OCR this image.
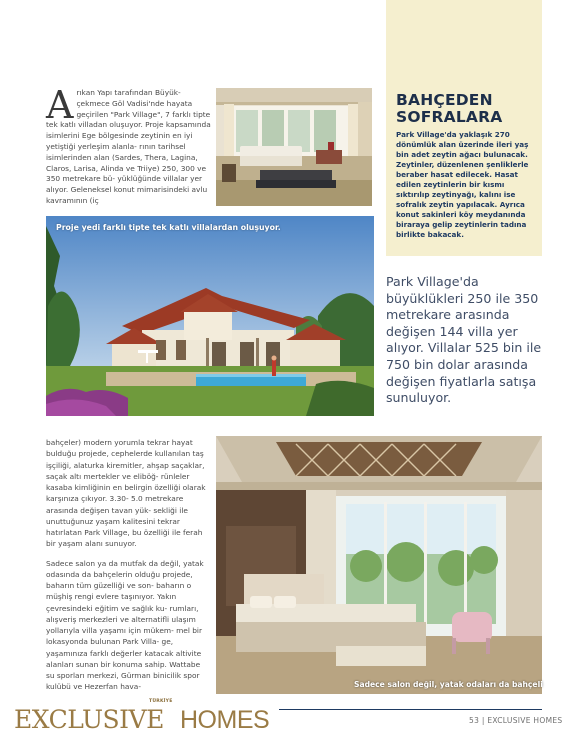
Arıkan Yapı tarafından Büyük- çekmece Göl Vadisi'nde hayata geçirilen "Park Village", 7 farklı tipte tek katlı villadan oluşuyor. Proje kapsamında isimlerini Ege bölgesinde zeytinin en iyi yetiştiği yerleşim alanla- rının tarihsel isimlerinden alan (Sardes, Thera, Lagina, Claros, Larisa, Alinda ve Triiye) 250, 300 ve 350 metrekare bü- yüklüğünde villalar yer alıyor. Geleneksel konut mimarisindeki avlu kavramının (iç
BAHÇEDEN
SOFRALARA
Park Village'da yaklaşık 270 dönümlük alan üzerinde ileri yaş bin adet zeytin ağacı bulunacak. Zeytinler, düzenlenen şenliklerle beraber hasat edilecek. Hasat edilen zeytinlerin bir kısmı sıktırılıp zeytinyağı, kalını ise sofralık zeytin yapılacak. Ayrıca konut sakinleri köy meydanında biraraya gelip zeytinlerin tadına birlikte bakacak.
Proje yedi farklı tipte tek katlı villalardan oluşuyor.
Park Village'da büyüklükleri 250 ile 350 metrekare arasında değişen 144 villa yer alıyor. Villalar 525 bin ile 750 bin dolar arasında değişen fiyatlarla satışa sunuluyor.

bahçeler) modern yorumla tekrar hayat bulduğu projede, cephelerde kullanılan taş işçiliği, alaturka kiremitler, ahşap saçaklar, saçak altı mertekler ve eliböğ- rünleler kasaba kimliğinin en belirgin özelliği olarak karşınıza çıkıyor. 3.30- 5.0 metrekare arasında değişen tavan yük- sekliği ile unuttuğunuz yaşam kalitesini tekrar hatırlatan Park Village, bu özelliği ile ferah bir yaşam alanı sunuyor.

Sadece salon ya da mutfak da değil, yatak odasında da bahçelerin olduğu projede, baharın tüm güzelliği ve son- baharın o müşhiş rengi evlere taşınıyor. Yakın çevresindeki eğitim ve sağlık ku- rumları, alışveriş merkezleri ve alternatifli ulaşım yollarıyla villa yaşamı için mükem- mel bir lokasyonda bulunan Park Villa- ge, yaşamınıza farklı değerler katacak altivite alanları sunan bir konuma sahip. Wattabe su sporları merkezi, Gürman binicilik spor kulübü ve Hezerfan hava-	Sadece salon değil, yatak odaları da bahçeli
TÜRKİYE
EXCLUSIVE HOMES	53 | EXCLUSIVE HOMES
